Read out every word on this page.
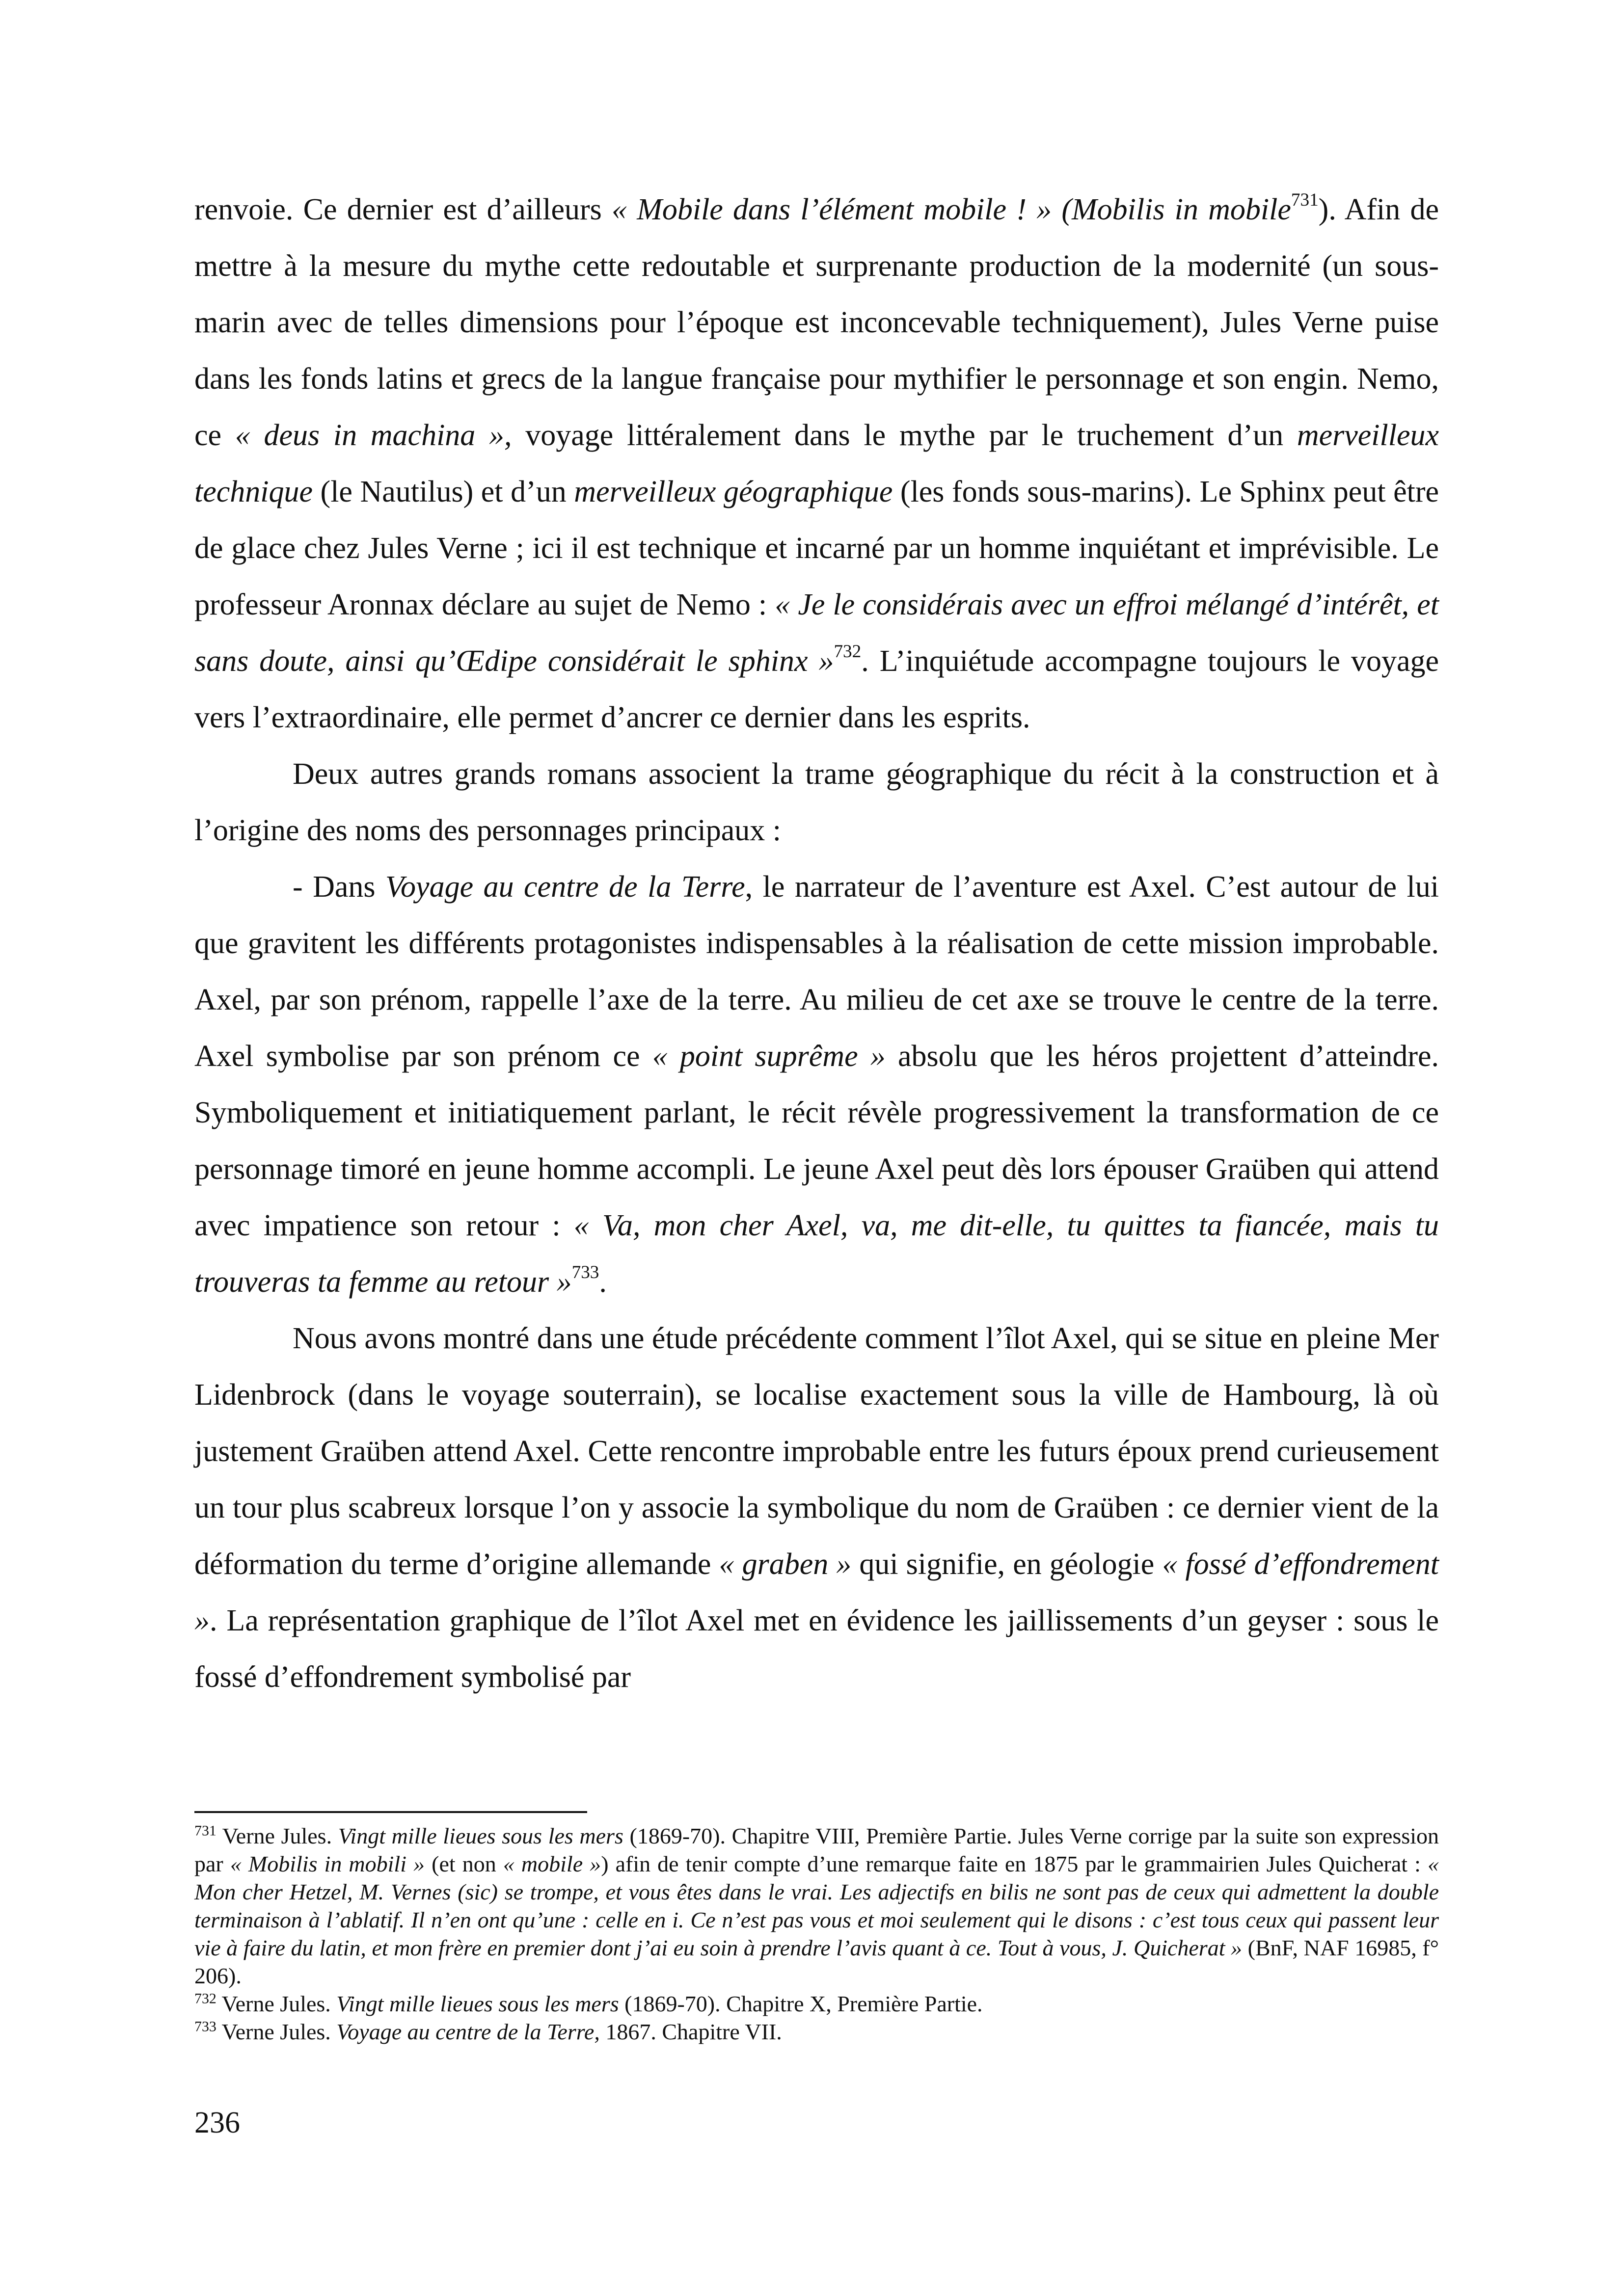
renvoie. Ce dernier est d’ailleurs « Mobile dans l’élément mobile ! » (Mobilis in mobile$^{731}$). Afin de mettre à la mesure du mythe cette redoutable et surprenante production de la modernité (un sous-marin avec de telles dimensions pour l’époque est inconcevable techniquement), Jules Verne puise dans les fonds latins et grecs de la langue française pour mythifier le personnage et son engin. Nemo, ce « deus in machina », voyage littéralement dans le mythe par le truchement d’un merveilleux technique (le Nautilus) et d’un merveilleux géographique (les fonds sous-marins). Le Sphinx peut être de glace chez Jules Verne ; ici il est technique et incarné par un homme inquiétant et imprévisible. Le professeur Aronnax déclare au sujet de Nemo : « Je le considérais avec un effroi mélangé d’intérêt, et sans doute, ainsi qu’Œdipe considérait le sphinx »$^{732}$. L’inquiétude accompagne toujours le voyage vers l’extraordinaire, elle permet d’ancrer ce dernier dans les esprits.

Deux autres grands romans associent la trame géographique du récit à la construction et à l’origine des noms des personnages principaux :

- Dans Voyage au centre de la Terre, le narrateur de l’aventure est Axel. C’est autour de lui que gravitent les différents protagonistes indispensables à la réalisation de cette mission improbable. Axel, par son prénom, rappelle l’axe de la terre. Au milieu de cet axe se trouve le centre de la terre. Axel symbolise par son prénom ce « point suprême » absolu que les héros projettent d’atteindre. Symboliquement et initiatiquement parlant, le récit révèle progressivement la transformation de ce personnage timoré en jeune homme accompli. Le jeune Axel peut dès lors épouser Graüben qui attend avec impatience son retour : « Va, mon cher Axel, va, me dit-elle, tu quittes ta fiancée, mais tu trouveras ta femme au retour »$^{733}$.

Nous avons montré dans une étude précédente comment l’îlot Axel, qui se situe en pleine Mer Lidenbrock (dans le voyage souterrain), se localise exactement sous la ville de Hambourg, là où justement Graüben attend Axel. Cette rencontre improbable entre les futurs époux prend curieusement un tour plus scabreux lorsque l’on y associe la symbolique du nom de Graüben : ce dernier vient de la déformation du terme d’origine allemande « graben » qui signifie, en géologie « fossé d’effondrement ». La représentation graphique de l’îlot Axel met en évidence les jaillissements d’un geyser : sous le fossé d’effondrement symbolisé par

$^{731}$ Verne Jules. Vingt mille lieues sous les mers (1869-70). Chapitre VIII, Première Partie. Jules Verne corrige par la suite son expression par « Mobilis in mobili » (et non « mobile ») afin de tenir compte d’une remarque faite en 1875 par le grammairien Jules Quicherat : « Mon cher Hetzel, M. Vernes (sic) se trompe, et vous êtes dans le vrai. Les adjectifs en bilis ne sont pas de ceux qui admettent la double terminaison à l’ablatif. Il n’en ont qu’une : celle en i. Ce n’est pas vous et moi seulement qui le disons : c’est tous ceux qui passent leur vie à faire du latin, et mon frère en premier dont j’ai eu soin à prendre l’avis quant à ce. Tout à vous, J. Quicherat » (BnF, NAF 16985, f° 206).

$^{732}$ Verne Jules. Vingt mille lieues sous les mers (1869-70). Chapitre X, Première Partie.

$^{733}$ Verne Jules. Voyage au centre de la Terre, 1867. Chapitre VII.

236
